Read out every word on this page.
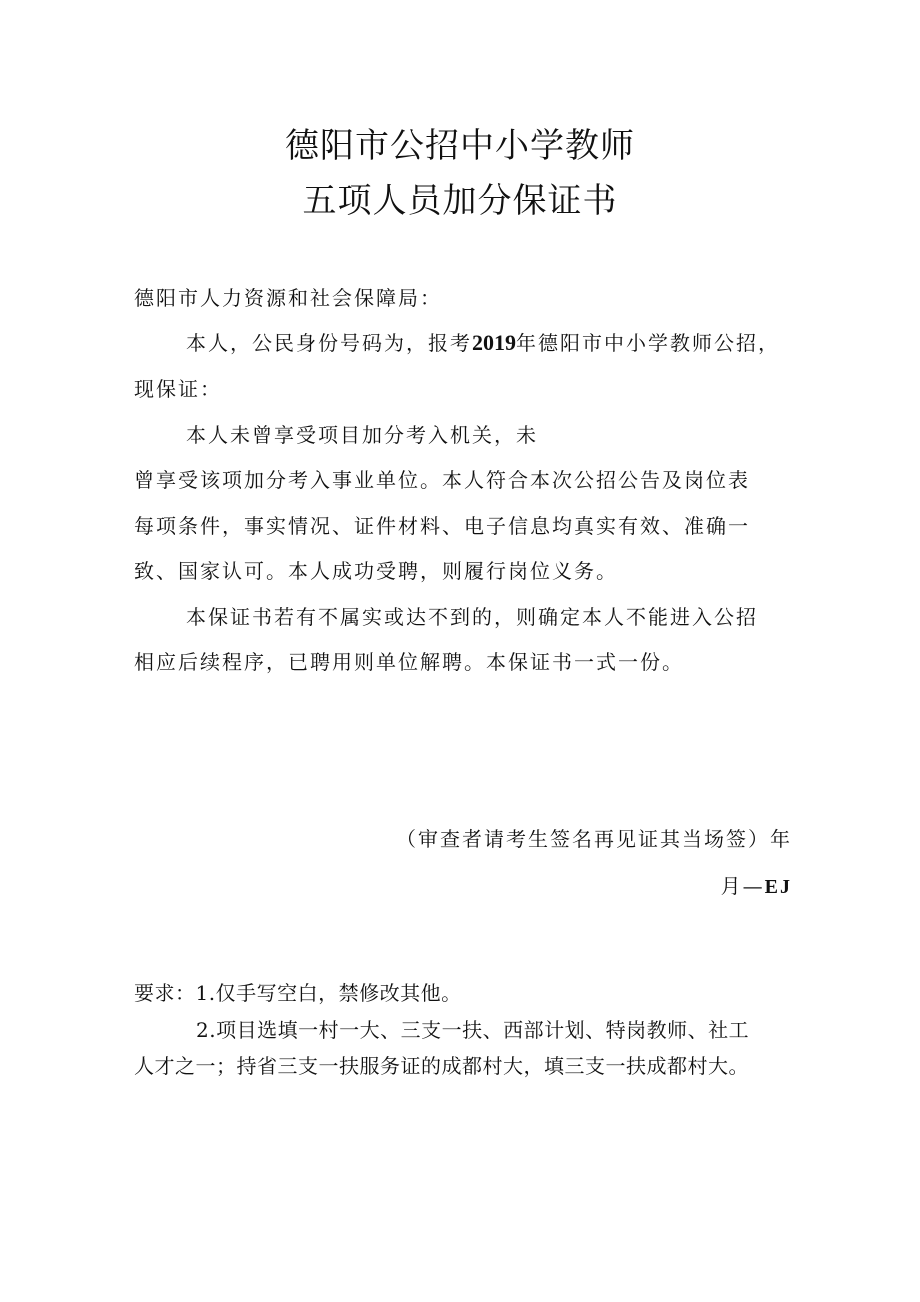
德阳市公招中小学教师
五项人员加分保证书
德阳市人力资源和社会保障局：
本人，公民身份号码为，报考2019年德阳市中小学教师公招，
现保证：
本人未曾享受项目加分考入机关，未
曾享受该项加分考入事业单位。本人符合本次公招公告及岗位表
每项条件，事实情况、证件材料、电子信息均真实有效、准确一
致、国家认可。本人成功受聘，则履行岗位义务。
本保证书若有不属实或达不到的，则确定本人不能进入公招
相应后续程序，已聘用则单位解聘。本保证书一式一份。
（审查者请考生签名再见证其当场签）年
月—EJ
要求：1.仅手写空白，禁修改其他。
2.项目选填一村一大、三支一扶、西部计划、特岗教师、社工
人才之一；持省三支一扶服务证的成都村大，填三支一扶成都村大。
